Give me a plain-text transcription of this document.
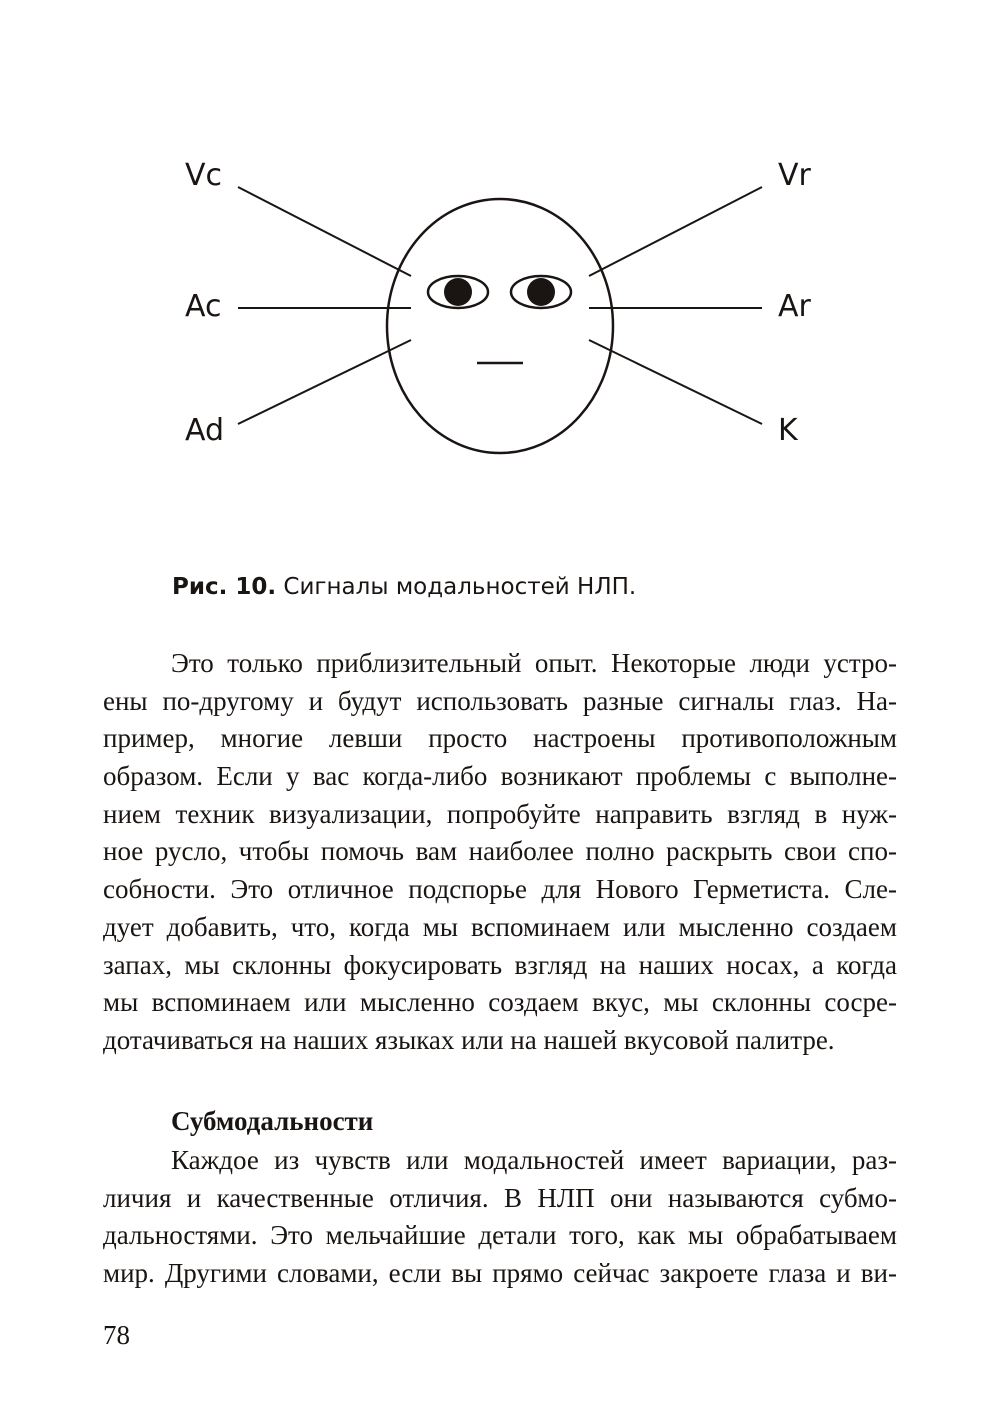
Vc	Vr
Ac	Ar
Ad	K
Рис. 10. Сигналы модальностей НЛП.
Это только приблизительный опыт. Некоторые люди устро-
ены по-другому и будут использовать разные сигналы глаз. На-
пример, многие левши просто настроены противоположным
образом. Если у вас когда-либо возникают проблемы с выполне-
нием техник визуализации, попробуйте направить взгляд в нуж-
ное русло, чтобы помочь вам наиболее полно раскрыть свои спо-
собности. Это отличное подспорье для Нового Герметиста. Сле-
дует добавить, что, когда мы вспоминаем или мысленно создаем
запах, мы склонны фокусировать взгляд на наших носах, а когда
мы вспоминаем или мысленно создаем вкус, мы склонны сосре-
дотачиваться на наших языках или на нашей вкусовой палитре.
Субмодальности
Каждое из чувств или модальностей имеет вариации, раз-
личия и качественные отличия. В НЛП они называются субмо-
дальностями. Это мельчайшие детали того, как мы обрабатываем
мир. Другими словами, если вы прямо сейчас закроете глаза и ви-
78
